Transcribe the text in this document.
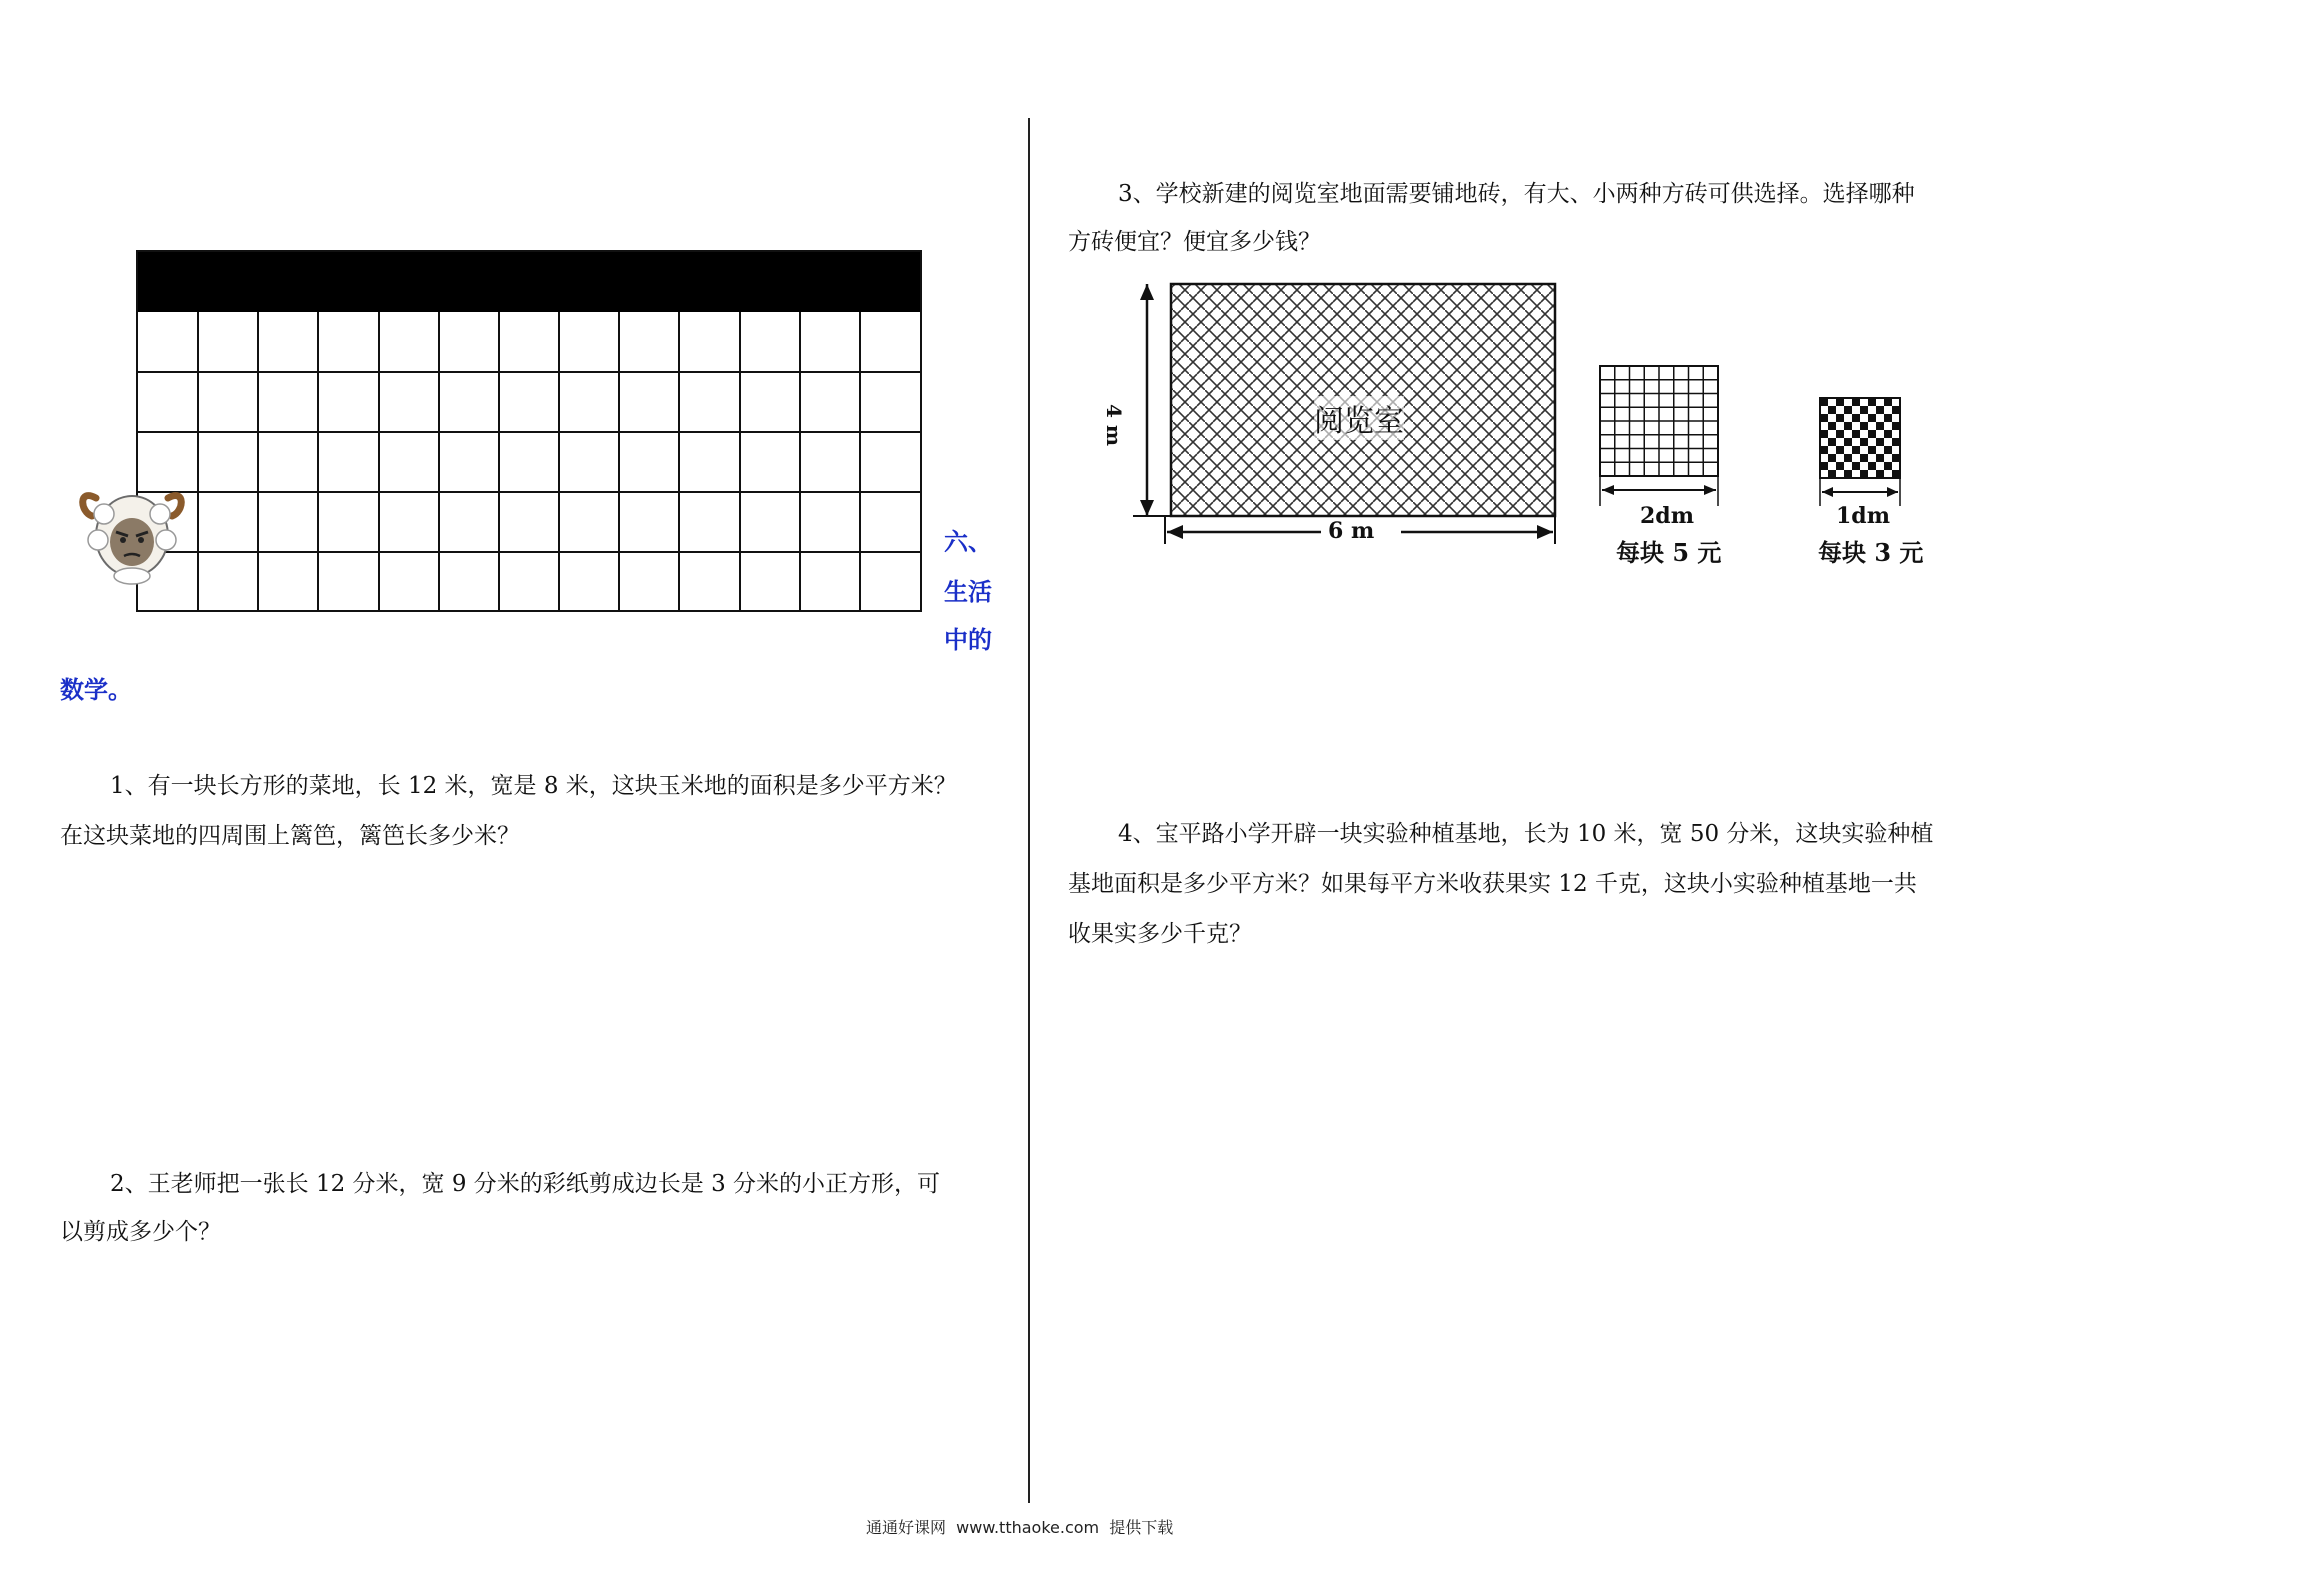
六、
生活
中的
数学。
1、有一块长方形的菜地，长 12 米，宽是 8 米，这块玉米地的面积是多少平方米？
在这块菜地的四周围上篱笆，篱笆长多少米？
2、王老师把一张长 12 分米，宽 9 分米的彩纸剪成边长是 3 分米的小正方形，可
以剪成多少个？
3、学校新建的阅览室地面需要铺地砖，有大、小两种方砖可供选择。选择哪种
方砖便宜？便宜多少钱？
阅览室
4 m
6 m
2dm
每块 5 元
1dm
每块 3 元
4、宝平路小学开辟一块实验种植基地，长为 10 米，宽 50 分米，这块实验种植
基地面积是多少平方米？如果每平方米收获果实 12 千克，这块小实验种植基地一共
收果实多少千克？
通通好课网  www.tthaoke.com  提供下载
